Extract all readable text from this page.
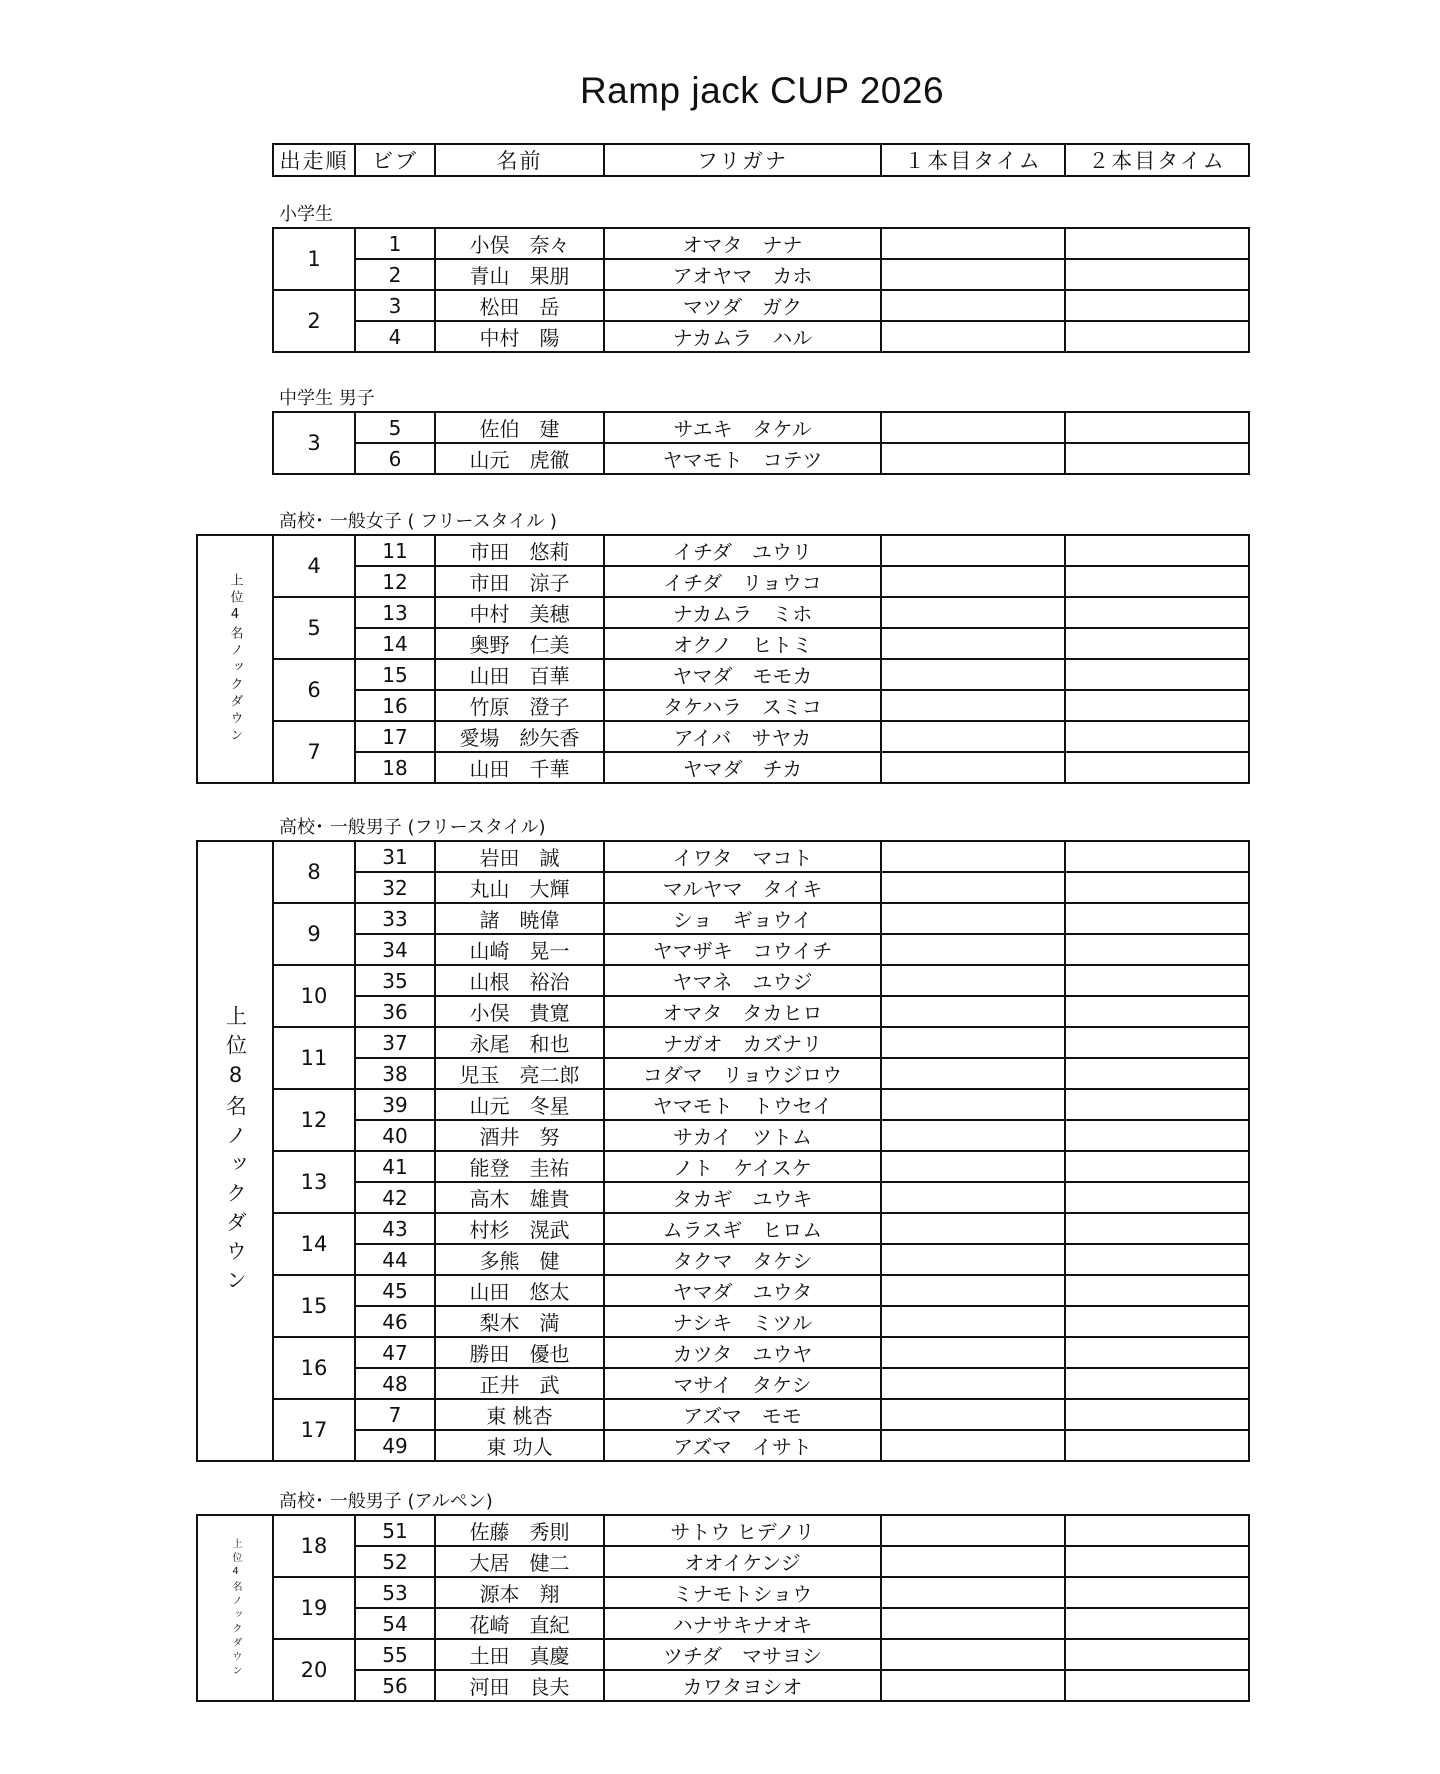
Ramp jack CUP 2026
出走順	ビブ	名前	フリガナ	１本目タイム	２本目タイム
小学生
中学生 男子
高校･ 一般女子 ( フリースタイル )
高校･ 一般男子 (フリースタイル)
高校･ 一般男子 (アルペン)
1	1	小俣　奈々	オマタ　ナナ		
	2	青山　果朋	アオヤマ　カホ		
2	3	松田　岳	マツダ　ガク		
	4	中村　陽	ナカムラ　ハル		
3	5	佐伯　建	サエキ　タケル		
	6	山元　虎徹	ヤマモト　コテツ		
上位4名ノックダウン	4	11	市田　悠莉	イチダ　ユウリ		
		12	市田　涼子	イチダ　リョウコ		
	5	13	中村　美穂	ナカムラ　ミホ		
		14	奥野　仁美	オクノ　ヒトミ		
	6	15	山田　百華	ヤマダ　モモカ		
		16	竹原　澄子	タケハラ　スミコ		
	7	17	愛場　紗矢香	アイバ　サヤカ		
		18	山田　千華	ヤマダ　チカ		
上位8名ノックダウン	8	31	岩田　誠	イワタ　マコト		
		32	丸山　大輝	マルヤマ　タイキ		
	9	33	諸　暁偉	ショ　ギョウイ		
		34	山崎　晃一	ヤマザキ　コウイチ		
	10	35	山根　裕治	ヤマネ　ユウジ		
		36	小俣　貴寛	オマタ　タカヒロ		
	11	37	永尾　和也	ナガオ　カズナリ		
		38	児玉　亮二郎	コダマ　リョウジロウ		
	12	39	山元　冬星	ヤマモト　トウセイ		
		40	酒井　努	サカイ　ツトム		
	13	41	能登　圭祐	ノト　ケイスケ		
		42	高木　雄貴	タカギ　ユウキ		
	14	43	村杉　滉武	ムラスギ　ヒロム		
		44	多熊　健	タクマ　タケシ		
	15	45	山田　悠太	ヤマダ　ユウタ		
		46	梨木　満	ナシキ　ミツル		
	16	47	勝田　優也	カツタ　ユウヤ		
		48	正井　武	マサイ　タケシ		
	17	7	東 桃杏	アズマ　モモ		
		49	東 功人	アズマ　イサト		
上位4名ノックダウン	18	51	佐藤　秀則	サトウ ヒデノリ		
		52	大居　健二	オオイケンジ		
	19	53	源本　翔	ミナモトショウ		
		54	花崎　直紀	ハナサキナオキ		
	20	55	土田　真慶	ツチダ　マサヨシ		
		56	河田　良夫	カワタヨシオ		
